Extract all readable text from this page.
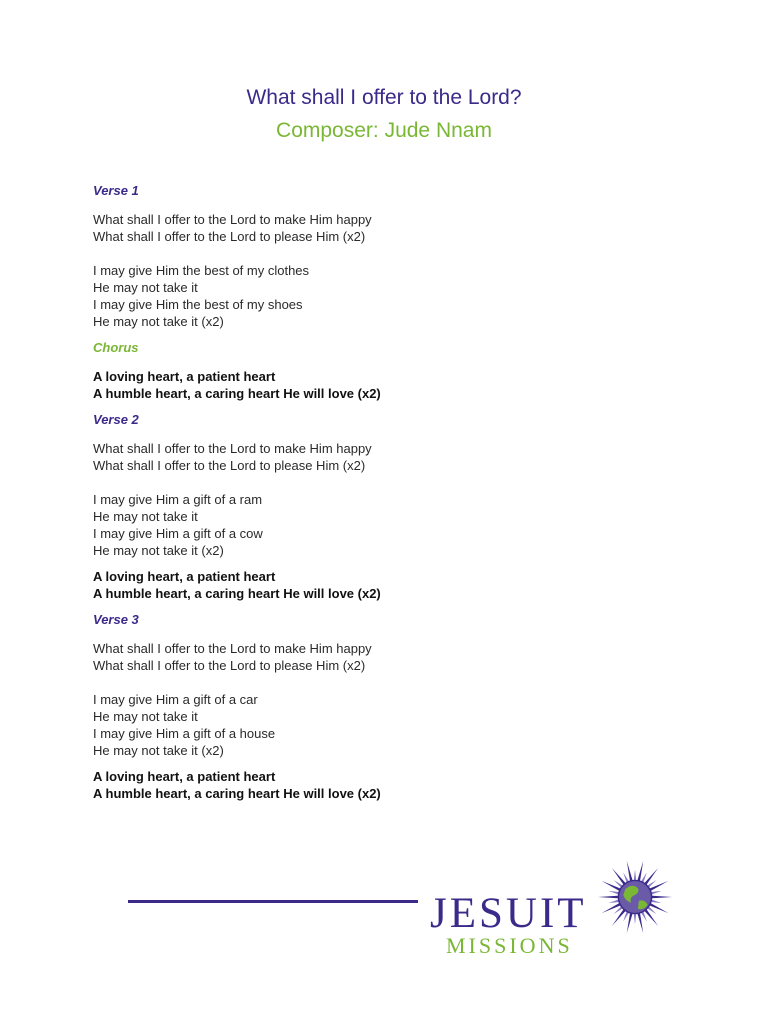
What shall I offer to the Lord?
Composer: Jude Nnam
Verse 1
What shall I offer to the Lord to make Him happy
What shall I offer to the Lord to please Him (x2)
I may give Him the best of my clothes
He may not take it
I may give Him the best of my shoes
He may not take it (x2)
Chorus
A loving heart, a patient heart
A humble heart, a caring heart He will love (x2)
Verse 2
What shall I offer to the Lord to make Him happy
What shall I offer to the Lord to please Him (x2)
I may give Him a gift of a ram
He may not take it
I may give Him a gift of a cow
He may not take it (x2)
A loving heart, a patient heart
A humble heart, a caring heart He will love (x2)
Verse 3
What shall I offer to the Lord to make Him happy
What shall I offer to the Lord to please Him (x2)
I may give Him a gift of a car
He may not take it
I may give Him a gift of a house
He may not take it (x2)
A loving heart, a patient heart
A humble heart, a caring heart He will love (x2)
JESUIT
MISSIONS
